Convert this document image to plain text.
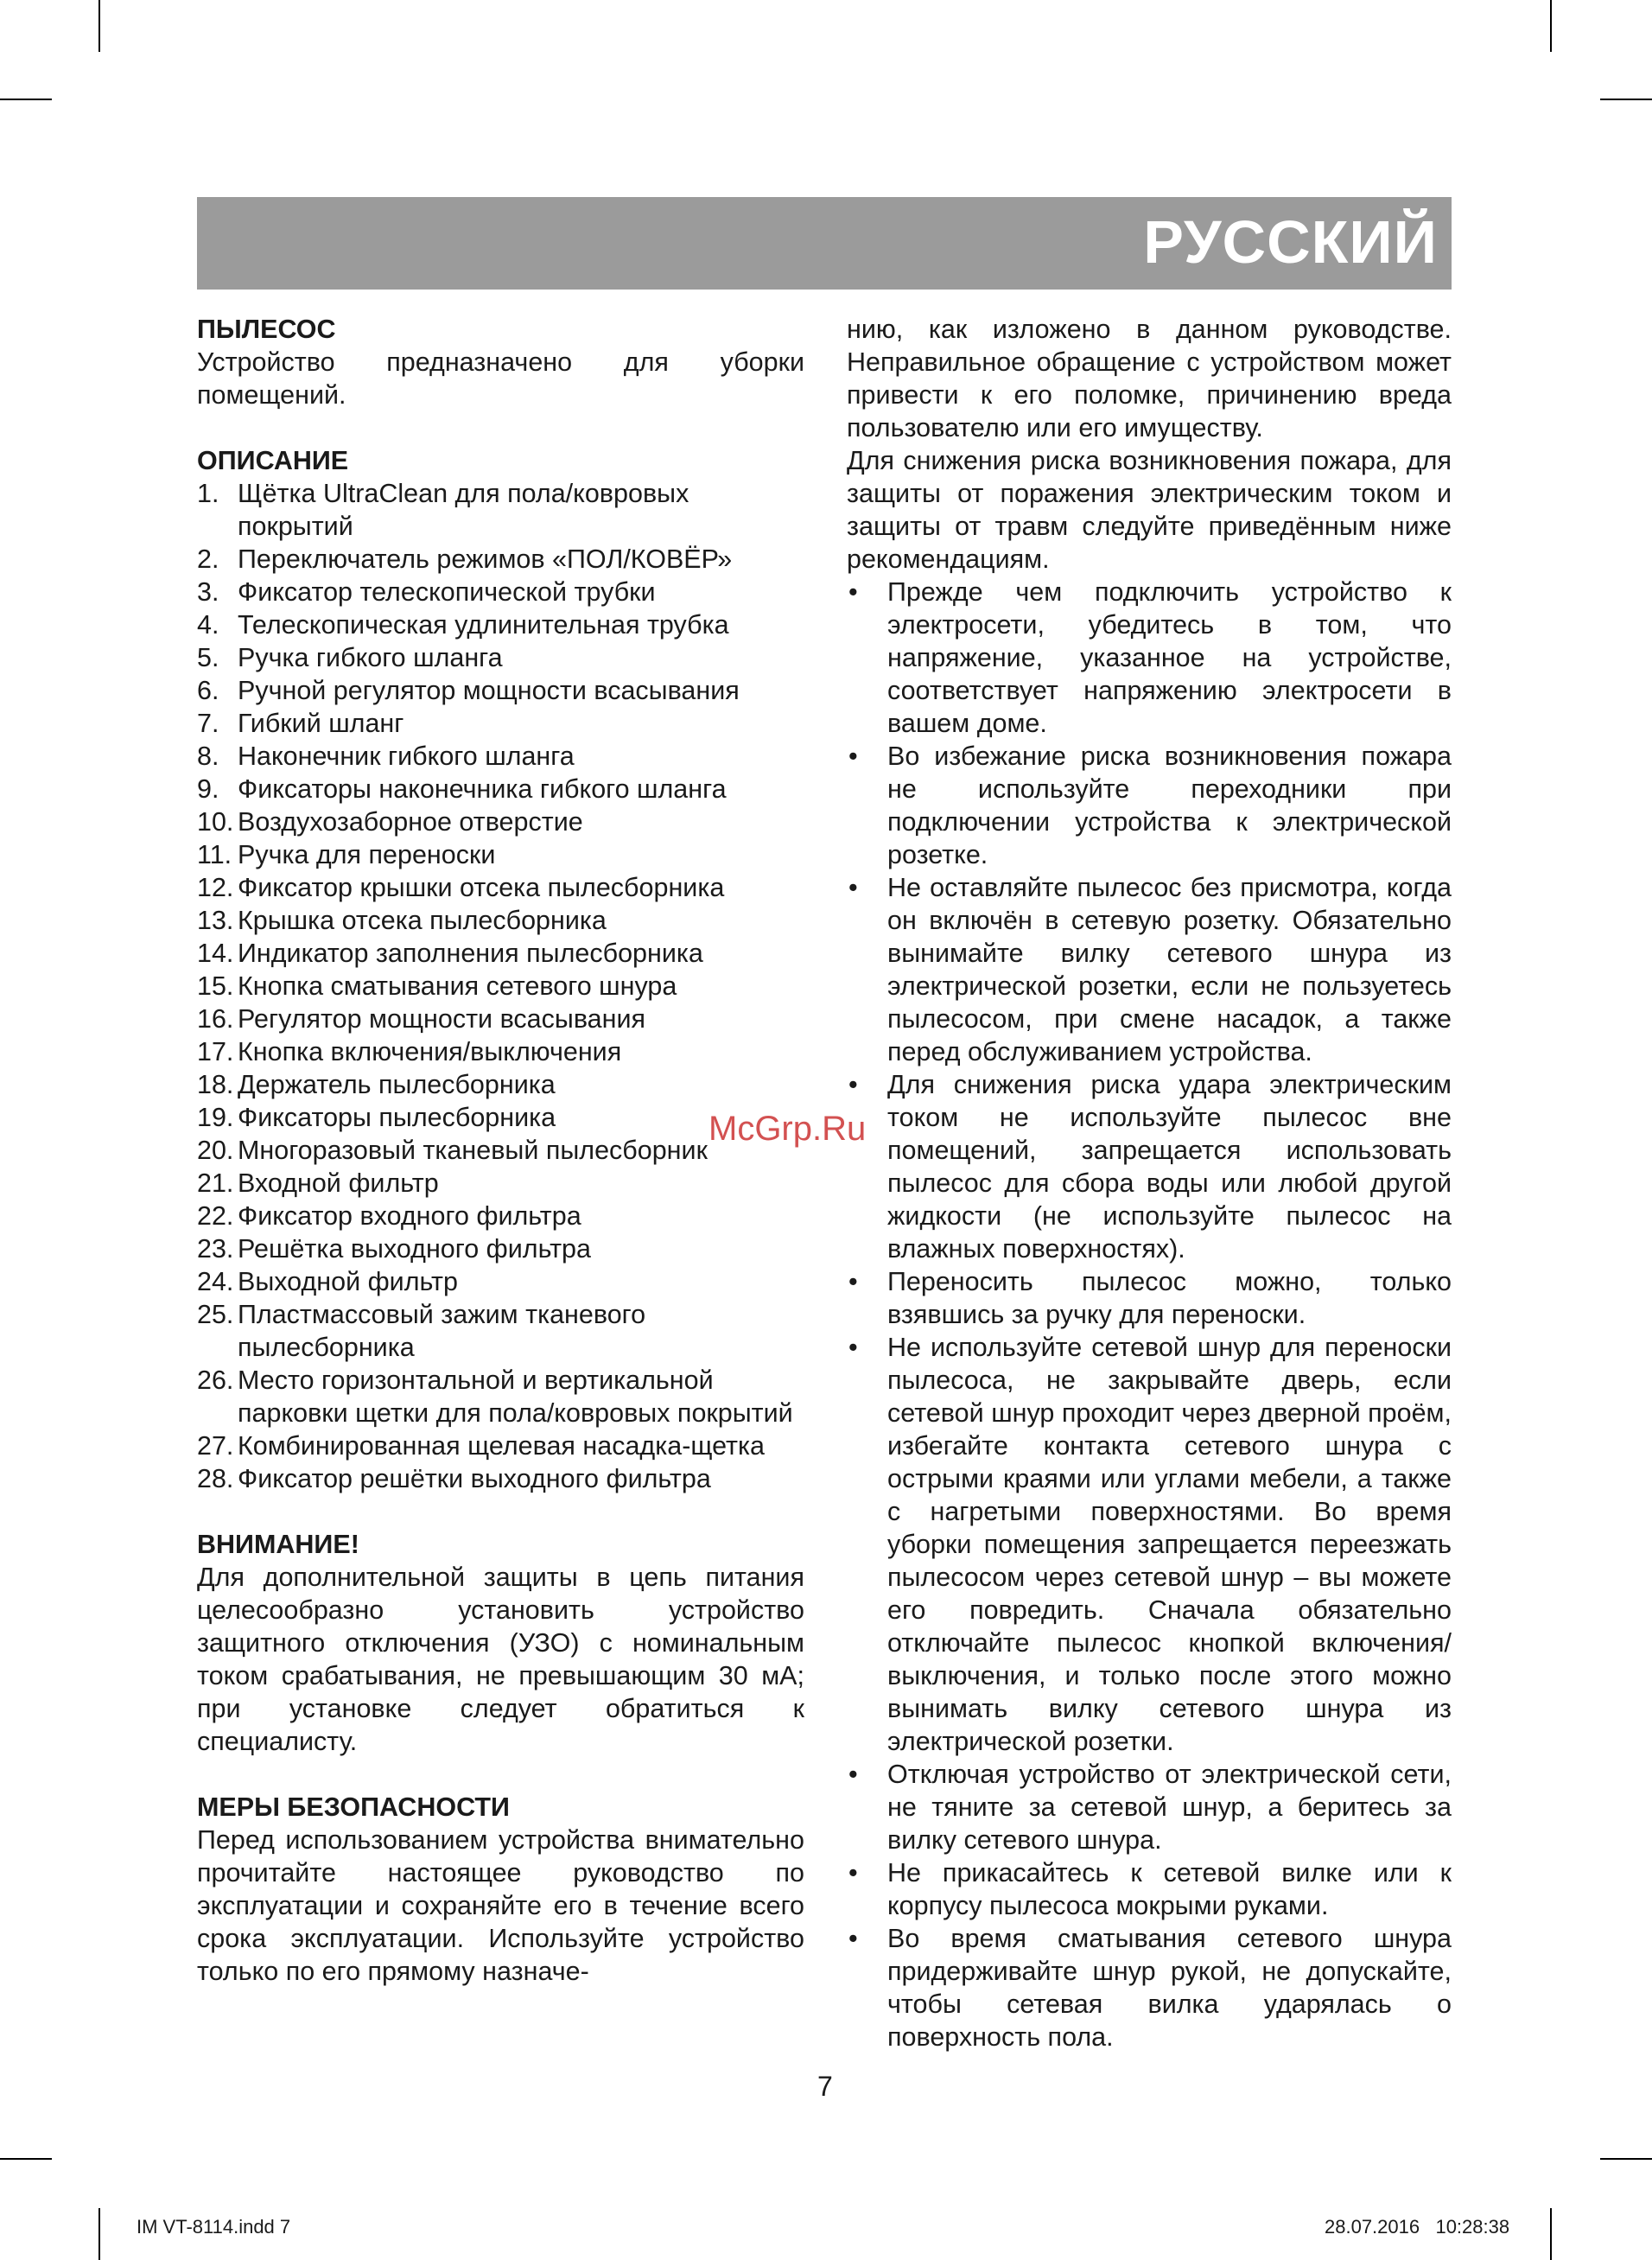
РУССКИЙ
ПЫЛЕСОС

Устройство предназначено для уборки помещений.

ОПИСАНИЕ
1. Щётка UltraClean для пола/ковровых покрытий
2. Переключатель режимов «ПОЛ/КОВЁР»
3. Фиксатор телескопической трубки
4. Телескопическая удлинительная трубка
5. Ручка гибкого шланга
6. Ручной регулятор мощности всасывания
7. Гибкий шланг
8. Наконечник гибкого шланга
9. Фиксаторы наконечника гибкого шланга
10. Воздухозаборное отверстие
11. Ручка для переноски
12. Фиксатор крышки отсека пылесборника
13. Крышка отсека пылесборника
14. Индикатор заполнения пылесборника
15. Кнопка сматывания сетевого шнура
16. Регулятор мощности всасывания
17. Кнопка включения/выключения
18. Держатель пылесборника
19. Фиксаторы пылесборника
20. Многоразовый тканевый пылесборник
21. Входной фильтр
22. Фиксатор входного фильтра
23. Решётка выходного фильтра
24. Выходной фильтр
25. Пластмассовый зажим тканевого пылесборника
26. Место горизонтальной и вертикальной парковки щетки для пола/ковровых покрытий
27. Комбинированная щелевая насадка-щетка
28. Фиксатор решётки выходного фильтра
ВНИМАНИЕ!

Для дополнительной защиты в цепь питания целесообразно установить устройство защитного отключения (УЗО) с номинальным током срабатывания, не превышающим 30 мА; при установке следует обратиться к специалисту.

МЕРЫ БЕЗОПАСНОСТИ

Перед использованием устройства внимательно прочитайте настоящее руководство по эксплуатации и сохраняйте его в течение всего срока эксплуатации. Используйте устройство только по его прямому назначе-

нию, как изложено в данном руководстве. Неправильное обращение с устройством может привести к его поломке, причинению вреда пользователю или его имуществу.

Для снижения риска возникновения пожара, для защиты от поражения электрическим током и защиты от травм следуйте приведённым ниже рекомендациям.

• Прежде чем подключить устройство к электросети, убедитесь в том, что напряжение, указанное на устройстве, соответствует напряжению электросети в вашем доме.
• Во избежание риска возникновения пожара не используйте переходники при подключении устройства к электрической розетке.
• Не оставляйте пылесос без присмотра, когда он включён в сетевую розетку. Обязательно вынимайте вилку сетевого шнура из электрической розетки, если не пользуетесь пылесосом, при смене насадок, а также перед обслуживанием устройства.
• Для снижения риска удара электрическим током не используйте пылесос вне помещений, запрещается использовать пылесос для сбора воды или любой другой жидкости (не используйте пылесос на влажных поверхностях).
• Переносить пылесос можно, только взявшись за ручку для переноски.
• Не используйте сетевой шнур для переноски пылесоса, не закрывайте дверь, если сетевой шнур проходит через дверной проём, избегайте контакта сетевого шнура с острыми краями или углами мебели, а также с нагретыми поверхностями. Во время уборки помещения запрещается переезжать пылесосом через сетевой шнур – вы можете его повредить. Сначала обязательно отключайте пылесос кнопкой включения/выключения, и только после этого можно вынимать вилку сетевого шнура из электрической розетки.
• Отключая устройство от электрической сети, не тяните за сетевой шнур, а беритесь за вилку сетевого шнура.
• Не прикасайтесь к сетевой вилке или к корпусу пылесоса мокрыми руками.
• Во время сматывания сетевого шнура придерживайте шнур рукой, не допускайте, чтобы сетевая вилка ударялась о поверхность пола.
McGrp.Ru
7
IM VT-8114.indd 7	28.07.2016 10:28:38
